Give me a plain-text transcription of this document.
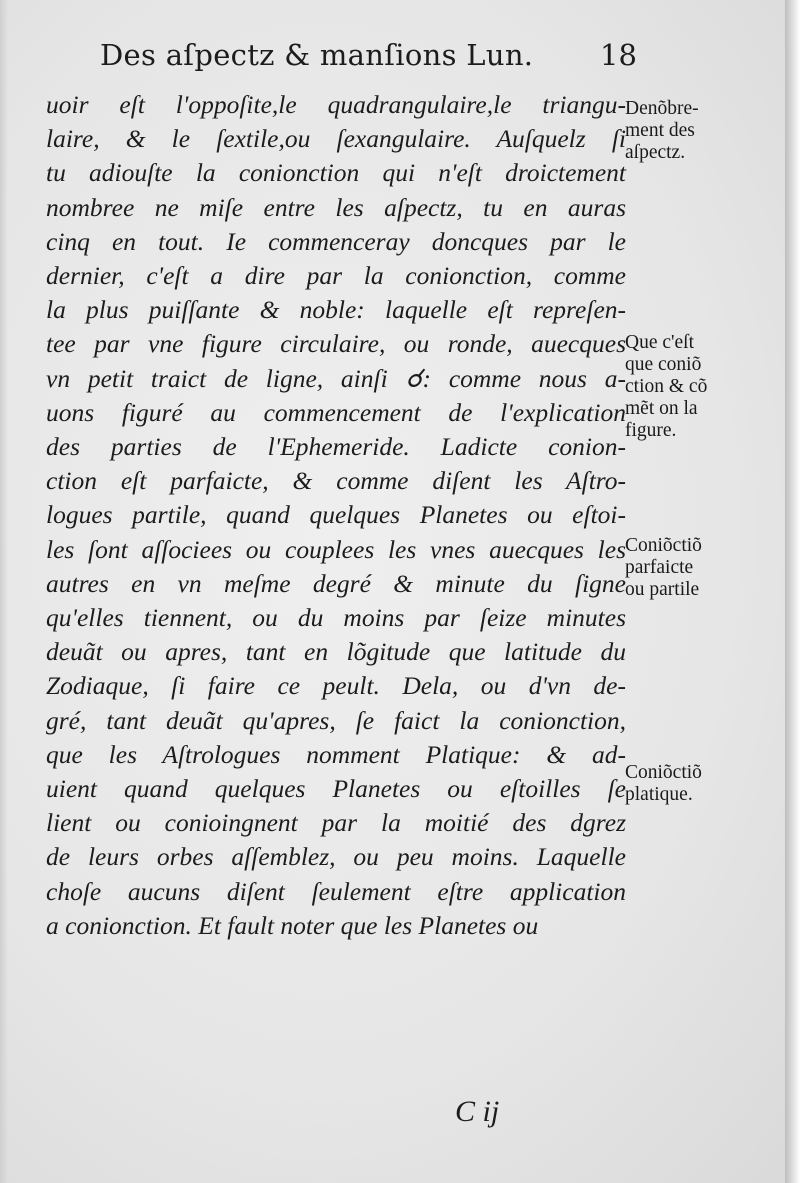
Des aſpectz & manſions Lun. 18
uoir eſt l'oppoſite,le quadrangulaire,le triangu-
laire, & le ſextile,ou ſexangulaire. Auſquelz ſi
tu adiouſte la conionction qui n'eſt droictement
nombree ne miſe entre les aſpectz, tu en auras
cinq en tout. Ie commenceray doncques par le
dernier, c'eſt a dire par la conionction, comme
la plus puiſſante & noble: laquelle eſt repreſen-
tee par vne figure circulaire, ou ronde, auecques
vn petit traict de ligne, ainſi ☌: comme nous a-
uons figuré au commencement de l'explication
des parties de l'Ephemeride. Ladicte conion-
ction eſt parfaicte, & comme diſent les Aſtro-
logues partile, quand quelques Planetes ou eſtoi-
les ſont aſſociees ou couplees les vnes auecques les
autres en vn meſme degré & minute du ſigne
qu'elles tiennent, ou du moins par ſeize minutes
deuãt ou apres, tant en lõgitude que latitude du
Zodiaque, ſi faire ce peult. Dela, ou d'vn de-
gré, tant deuãt qu'apres, ſe faict la conionction,
que les Aſtrologues nomment Platique: & ad-
uient quand quelques Planetes ou eſtoilles ſe
lient ou conioingnent par la moitié des dgrez
de leurs orbes aſſemblez, ou peu moins. Laquelle
choſe aucuns diſent ſeulement eſtre application
a conionction. Et fault noter que les Planetes ou
Denõbre-
ment des
aſpectz.
Que c'eſt
que coniõ
ction & cõ
mẽt on la
figure.
Coniõctiõ
parfaicte
ou partile
Coniõctiõ
platique.
C ij
